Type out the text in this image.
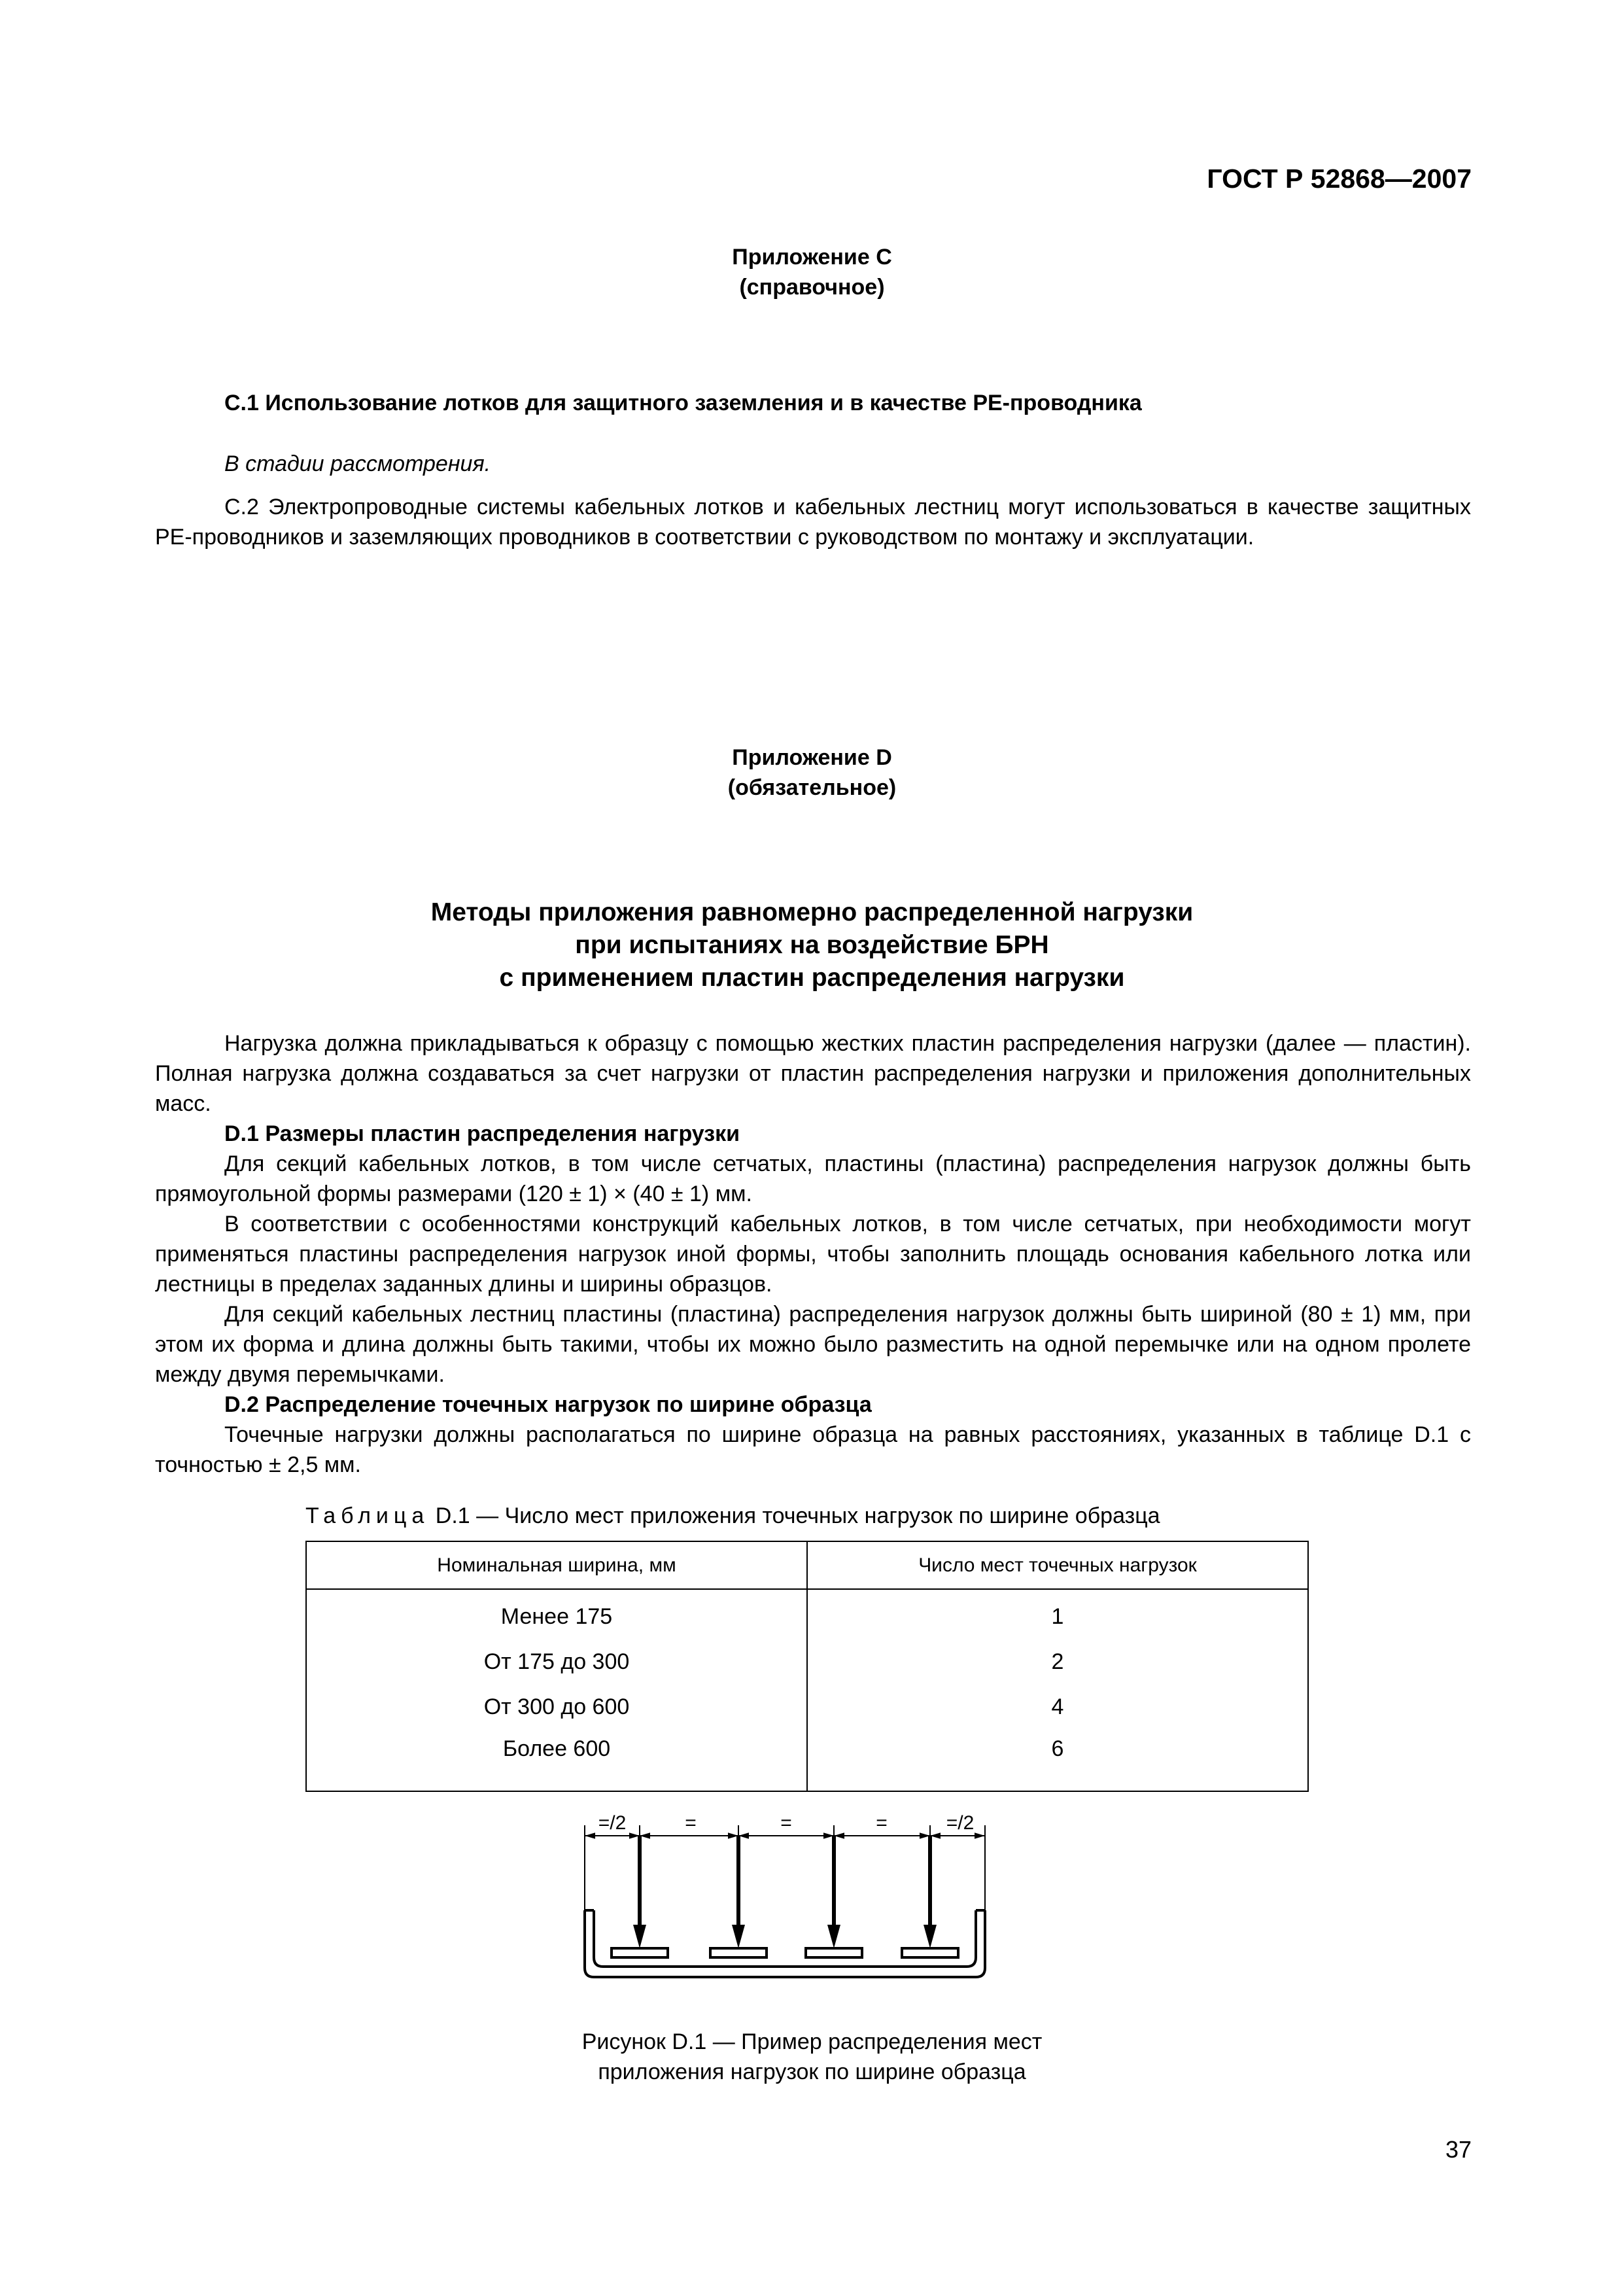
ГОСТ Р 52868—2007
Приложение С
(справочное)
С.1 Использование лотков для защитного заземления и в качестве РЕ-проводника
В стадии рассмотрения.
С.2 Электропроводные системы кабельных лотков и кабельных лестниц могут использоваться в качестве защитных РЕ-проводников и заземляющих проводников в соответствии с руководством по монтажу и эксплуатации.
Приложение D
(обязательное)
Методы приложения равномерно распределенной нагрузки
при испытаниях на воздействие БРН
с применением пластин распределения нагрузки
Нагрузка должна прикладываться к образцу с помощью жестких пластин распределения нагрузки (далее — пластин). Полная нагрузка должна создаваться за счет нагрузки от пластин распределения нагрузки и приложения дополнительных масс.
D.1 Размеры пластин распределения нагрузки
Для секций кабельных лотков, в том числе сетчатых, пластины (пластина) распределения нагрузок должны быть прямоугольной формы размерами (120 ± 1) × (40 ± 1) мм.
В соответствии с особенностями конструкций кабельных лотков, в том числе сетчатых, при необходимости могут применяться пластины распределения нагрузок иной формы, чтобы заполнить площадь основания кабельного лотка или лестницы в пределах заданных длины и ширины образцов.
Для секций кабельных лестниц пластины (пластина) распределения нагрузок должны быть шириной (80 ± 1) мм, при этом их форма и длина должны быть такими, чтобы их можно было разместить на одной перемычке или на одном пролете между двумя перемычками.
D.2 Распределение точечных нагрузок по ширине образца
Точечные нагрузки должны располагаться по ширине образца на равных расстояниях, указанных в таблице D.1 с точностью ± 2,5 мм.
Таблица D.1 — Число мест приложения точечных нагрузок по ширине образца
Номинальная ширина, мм	Число мест точечных нагрузок
Менее 175	1
От 175 до 300	2
От 300 до 600	4
Более 600	6
=/2	=	=	=	=/2
Рисунок D.1 — Пример распределения мест
приложения нагрузок по ширине образца
37
